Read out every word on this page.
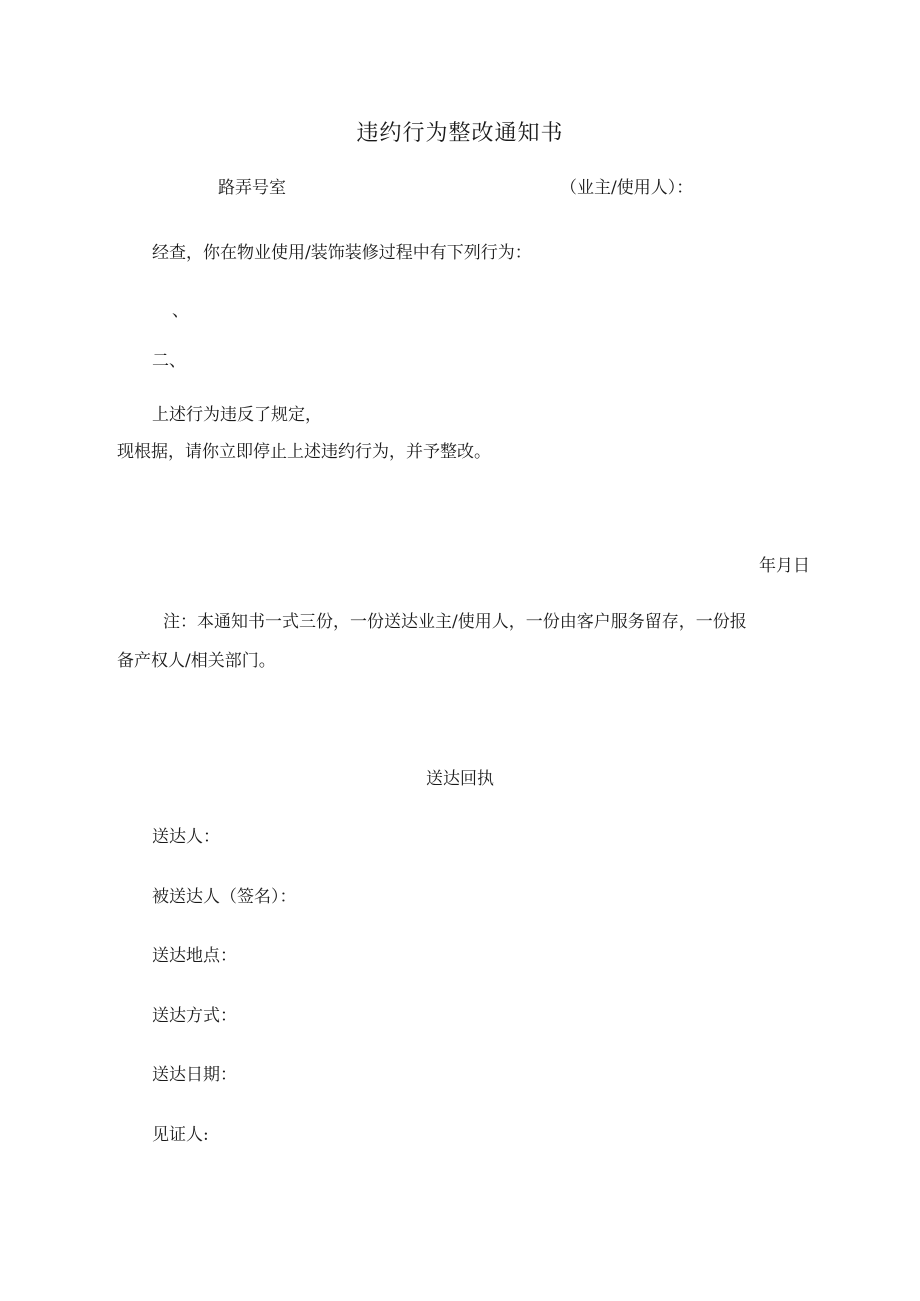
违约行为整改通知书
路弄号室	（业主/使用人）：
经查，你在物业使用/装饰装修过程中有下列行为：
、
二、
上述行为违反了规定，
现根据，请你立即停止上述违约行为，并予整改。
年月日
注：本通知书一式三份，一份送达业主/使用人，一份由客户服务留存，一份报
备产权人/相关部门。
送达回执
送达人：
被送达人（签名）：
送达地点：
送达方式：
送达日期：
见证人:
